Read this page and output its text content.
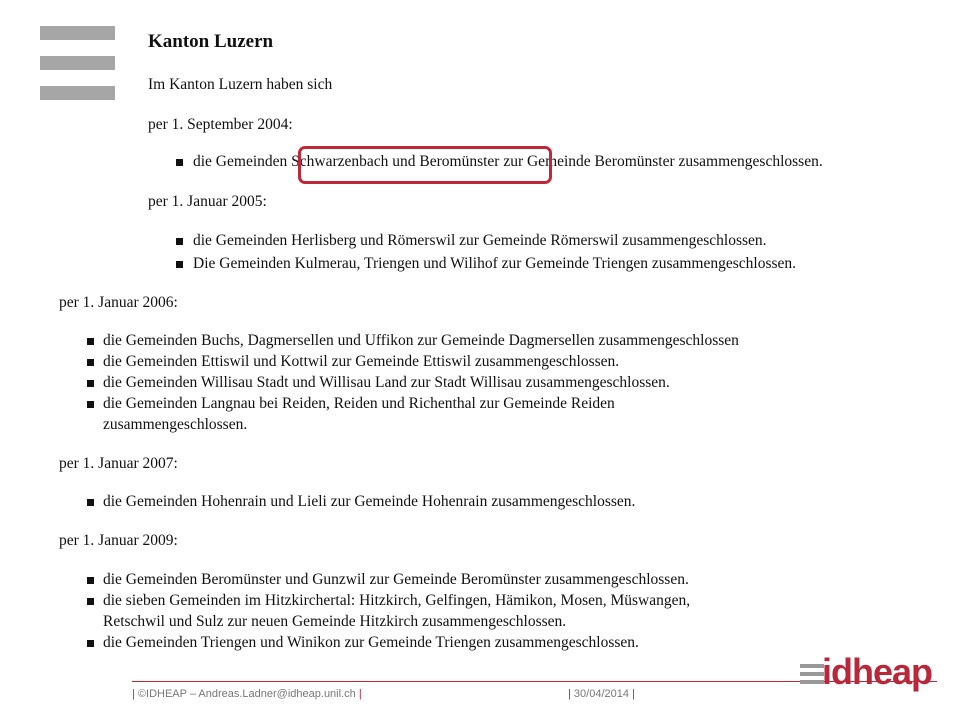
Kanton Luzern
Im Kanton Luzern haben sich
per 1. September 2004:
die Gemeinden Schwarzenbach und Beromünster zur Gemeinde Beromünster zusammengeschlossen.
per 1. Januar 2005:
die Gemeinden Herlisberg und Römerswil zur Gemeinde Römerswil zusammengeschlossen.
Die Gemeinden Kulmerau, Triengen und Wilihof zur Gemeinde Triengen zusammengeschlossen.
per 1. Januar 2006:
die Gemeinden Buchs, Dagmersellen und Uffikon zur Gemeinde Dagmersellen zusammengeschlossen
die Gemeinden Ettiswil und Kottwil zur Gemeinde Ettiswil zusammengeschlossen.
die Gemeinden Willisau Stadt und Willisau Land zur Stadt Willisau zusammengeschlossen.
die Gemeinden Langnau bei Reiden, Reiden und Richenthal zur Gemeinde Reiden
zusammengeschlossen.
per 1. Januar 2007:
die Gemeinden Hohenrain und Lieli zur Gemeinde Hohenrain zusammengeschlossen.
per 1. Januar 2009:
die Gemeinden Beromünster und Gunzwil zur Gemeinde Beromünster zusammengeschlossen.
die sieben Gemeinden im Hitzkirchertal: Hitzkirch, Gelfingen, Hämikon, Mosen, Müswangen,
Retschwil und Sulz zur neuen Gemeinde Hitzkirch zusammengeschlossen.
die Gemeinden Triengen und Winikon zur Gemeinde Triengen zusammengeschlossen.
| ©IDHEAP – Andreas.Ladner@idheap.unil.ch |	| 30/04/2014 |
idheap
